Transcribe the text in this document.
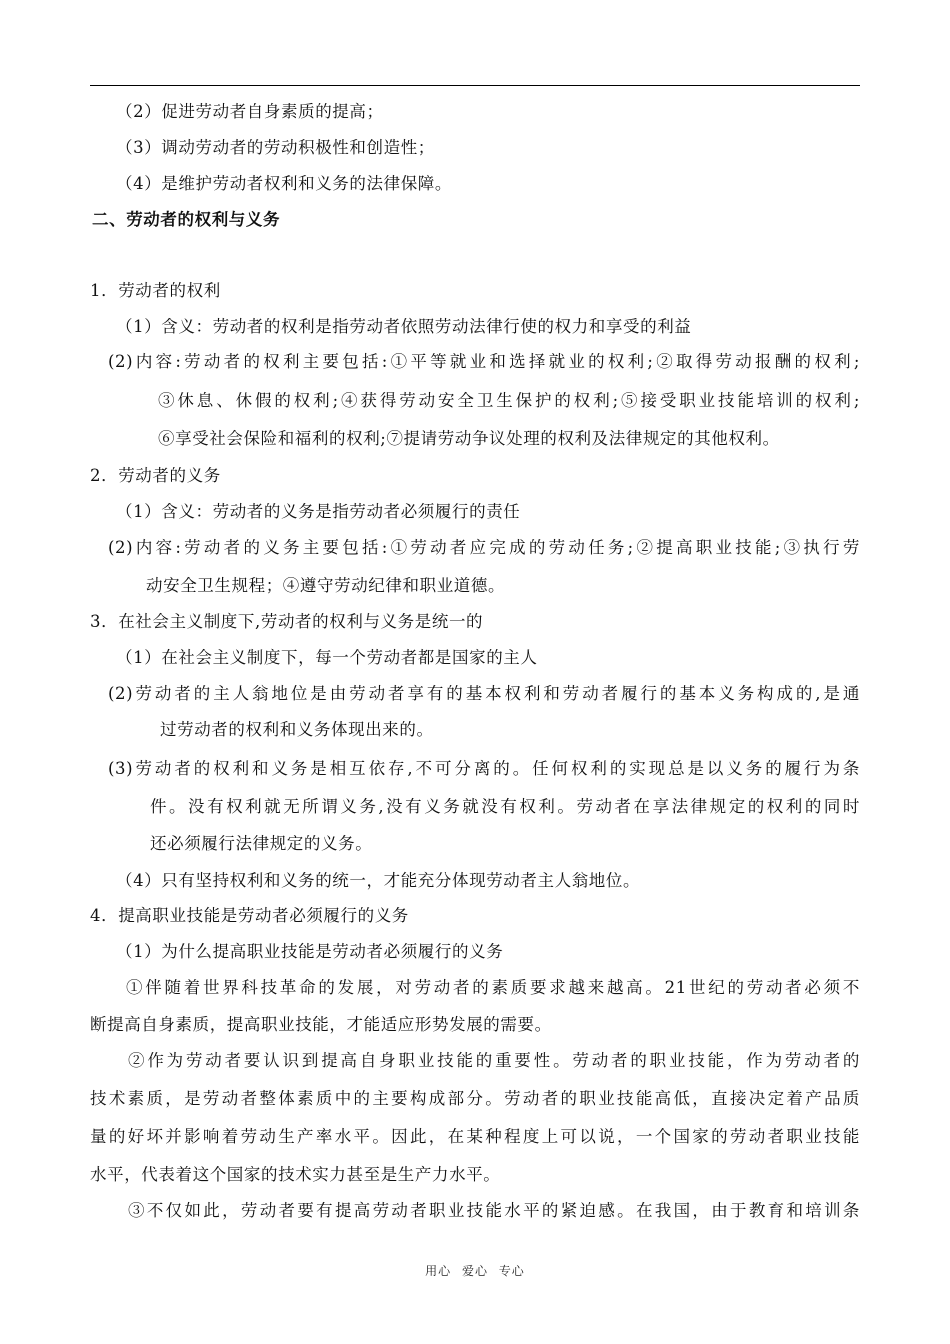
（2）促进劳动者自身素质的提高；
（3）调动劳动者的劳动积极性和创造性；
（4）是维护劳动者权利和义务的法律保障。
二、劳动者的权利与义务
1．劳动者的权利
（1）含义：劳动者的权利是指劳动者依照劳动法律行使的权力和享受的利益
(2)内容:劳动者的权利主要包括:①平等就业和选择就业的权利;②取得劳动报酬的权利;
③休息、休假的权利;④获得劳动安全卫生保护的权利;⑤接受职业技能培训的权利;
⑥享受社会保险和福利的权利;⑦提请劳动争议处理的权利及法律规定的其他权利。
2．劳动者的义务
（1）含义：劳动者的义务是指劳动者必须履行的责任
(2)内容:劳动者的义务主要包括:①劳动者应完成的劳动任务;②提高职业技能;③执行劳
动安全卫生规程；④遵守劳动纪律和职业道德。
3．在社会主义制度下,劳动者的权利与义务是统一的
（1）在社会主义制度下，每一个劳动者都是国家的主人
(2)劳动者的主人翁地位是由劳动者享有的基本权利和劳动者履行的基本义务构成的,是通
过劳动者的权利和义务体现出来的。
(3)劳动者的权利和义务是相互依存,不可分离的。任何权利的实现总是以义务的履行为条
件。没有权利就无所谓义务,没有义务就没有权利。劳动者在享法律规定的权利的同时
还必须履行法律规定的义务。
（4）只有坚持权利和义务的统一，才能充分体现劳动者主人翁地位。
4．提高职业技能是劳动者必须履行的义务
（1）为什么提高职业技能是劳动者必须履行的义务
①伴随着世界科技革命的发展，对劳动者的素质要求越来越高。21世纪的劳动者必须不
断提高自身素质，提高职业技能，才能适应形势发展的需要。
②作为劳动者要认识到提高自身职业技能的重要性。劳动者的职业技能，作为劳动者的
技术素质，是劳动者整体素质中的主要构成部分。劳动者的职业技能高低，直接决定着产品质
量的好坏并影响着劳动生产率水平。因此，在某种程度上可以说，一个国家的劳动者职业技能
水平，代表着这个国家的技术实力甚至是生产力水平。
③不仅如此，劳动者要有提高劳动者职业技能水平的紧迫感。在我国，由于教育和培训条
用心 爱心 专心
